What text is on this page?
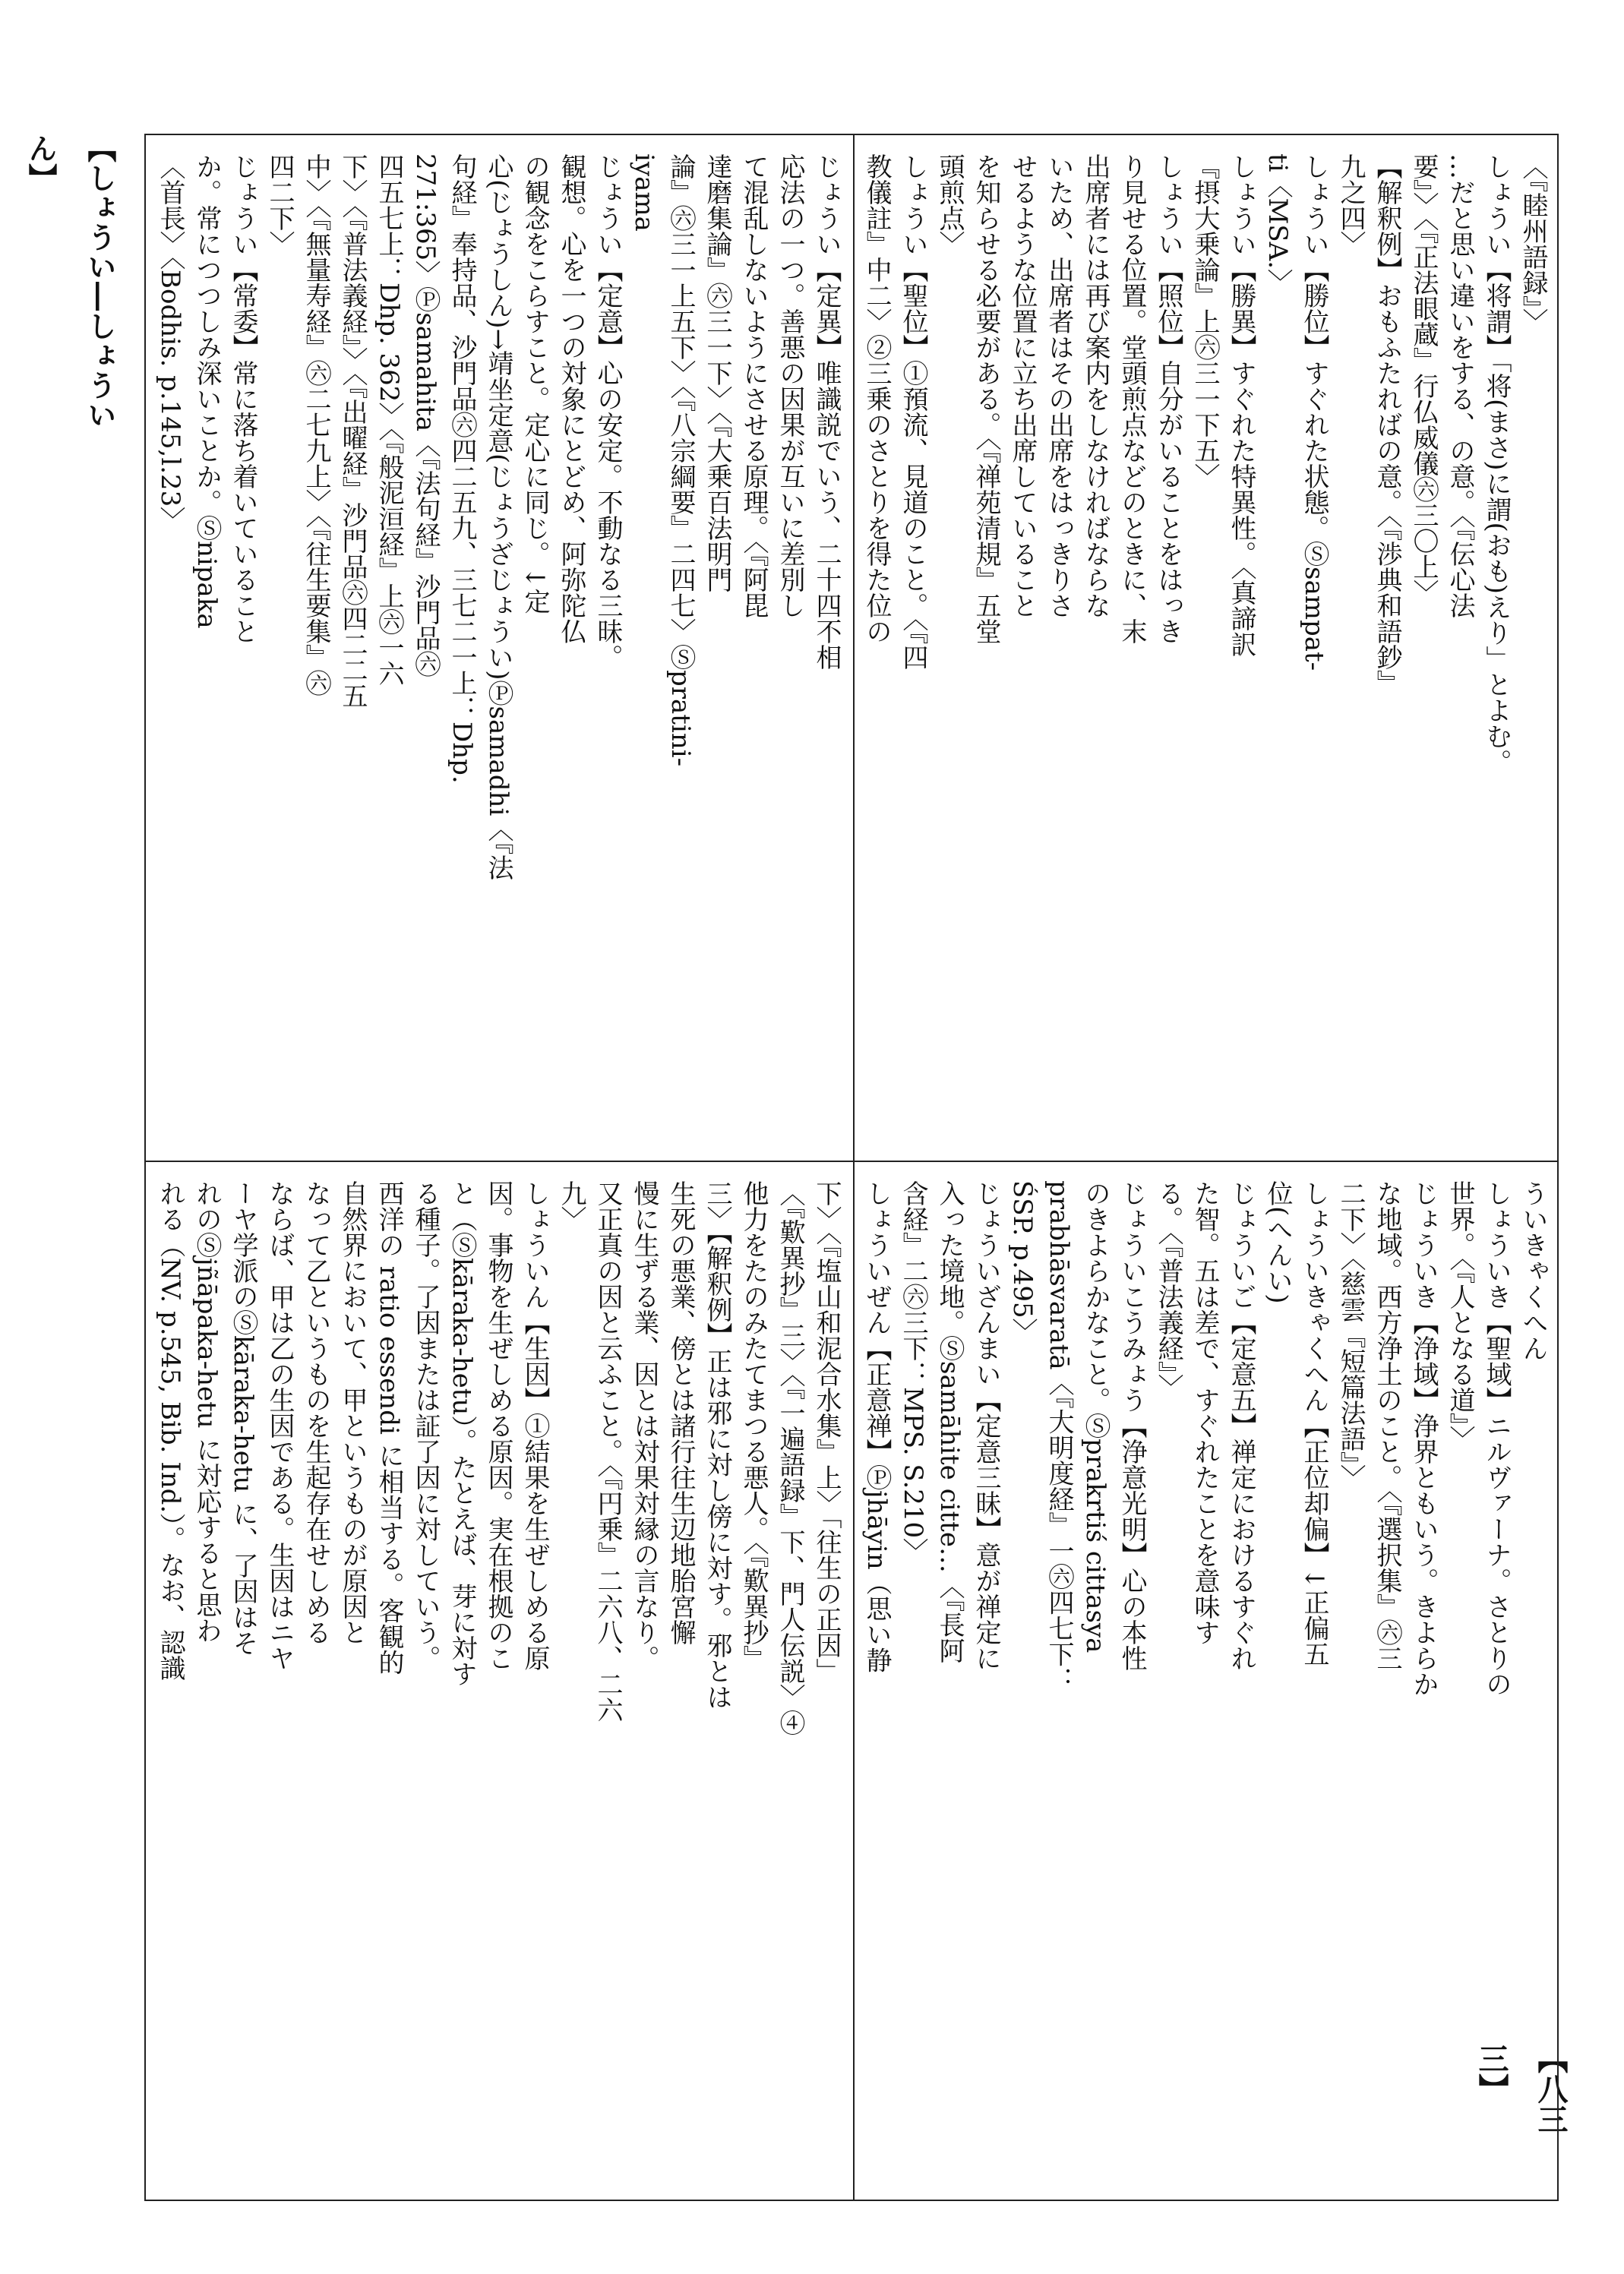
【しょうい―しょういん】
【八三三】
〈『睦州語録』〉
しょうい【将謂】「将(まさ)に謂(おも)えり」とよむ。
…だと思い違いをする、の意。〈『伝心法
要』〉〈『正法眼蔵』行仏威儀㊅三〇上〉
【解釈例】おもふたればの意。〈『渉典和語鈔』
九之四〉
しょうい【勝位】すぐれた状態。Ⓢsampat-
ti〈MSA.〉
しょうい【勝異】すぐれた特異性。〈真諦訳
『摂大乗論』上㊅三一下五〉
しょうい【照位】自分がいることをはっき
り見せる位置。堂頭煎点などのときに、末
出席者には再び案内をしなければならな
いため、出席者はその出席をはっきりさ
せるような位置に立ち出席していること
を知らせる必要がある。〈『禅苑清規』五堂
頭煎点〉
しょうい【聖位】①預流、見道のこと。〈『四
教儀註』中二〉②三乗のさとりを得た位の
じょうい【定異】唯識説でいう、二十四不相
応法の一つ。善悪の因果が互いに差別し
て混乱しないようにさせる原理。〈『阿毘
達磨集論』㊅三一下〉〈『大乗百法明門
論』㊅三一上五下〉〈『八宗綱要』二四七〉Ⓢpratini-
iyama
じょうい【定意】心の安定。不動なる三昧。
観想。心を一つの対象にとどめ、阿弥陀仏
の観念をこらすこと。定心に同じ。↓定
心(じょうしん)→靖坐定意(じょうざじょうい)Ⓟsamadhi〈『法
句経』奉持品、沙門品㊅四二五九、三七二一上：Dhp.
271:365〉Ⓟsamahita〈『法句経』沙門品㊅
四五七上：Dhp. 362〉〈『般泥洹経』上㊅一六
下〉〈『普法義経』〉〈『出曜経』沙門品㊅四二二五
中〉〈『無量寿経』㊅二七九上〉〈『往生要集』㊅
四二下〉
じょうい【常委】常に落ち着いていること
か。常につつしみ深いことか。Ⓢnipaka
〈首長〉〈Bodhis. p.145,l.23〉
ういきゃくへん
しょういき【聖域】ニルヴァーナ。さとりの
世界。〈『人となる道』〉
じょういき【浄域】浄界ともいう。きよらか
な地域。西方浄土のこと。〈『選択集』㊅三
二下〉〈慈雲『短篇法語』〉
しょういきゃくへん【正位却偏】↓正偏五
位(へんい)
じょういご【定意五】禅定におけるすぐれ
た智。五は差で、すぐれたことを意味す
る。〈『普法義経』〉
じょういこうみょう【浄意光明】心の本性
のきよらかなこと。Ⓢprakrtiś cittasya
prabhāsvaratā〈『大明度経』一㊅四七下：
ŚSP. p.495〉
じょういざんまい【定意三昧】意が禅定に
入った境地。Ⓢsamāhite citte…〈『長阿
含経』二㊅三下：MPS. S.210〉
しょういぜん【正意禅】Ⓟjhāyin（思い静
下〉〈『塩山和泥合水集』上〉「往生の正因」
〈『歎異抄』三〉〈『一遍語録』下、門人伝説〉④
他力をたのみたてまつる悪人。〈『歎異抄』
三〉【解釈例】正は邪に対し傍に対す。邪とは
生死の悪業、傍とは諸行往生辺地胎宮懈
慢に生ずる業、因とは対果対縁の言なり。
又正真の因と云ふこと。〈『円乗』二六八、二六
九〉
しょういん【生因】①結果を生ぜしめる原
因。事物を生ぜしめる原因。実在根拠のこ
と（Ⓢkāraka-hetu）。たとえば、芽に対す
る種子。了因または証了因に対していう。
西洋の ratio essendi に相当する。客観的
自然界において、甲というものが原因と
なって乙というものを生起存在せしめる
ならば、甲は乙の生因である。生因はニヤ
ーヤ学派のⓈkāraka-hetu に、了因はそ
れのⓈjñāpaka-hetu に対応すると思わ
れる（NV. p.545, Bib. Ind.）。なお、認識
